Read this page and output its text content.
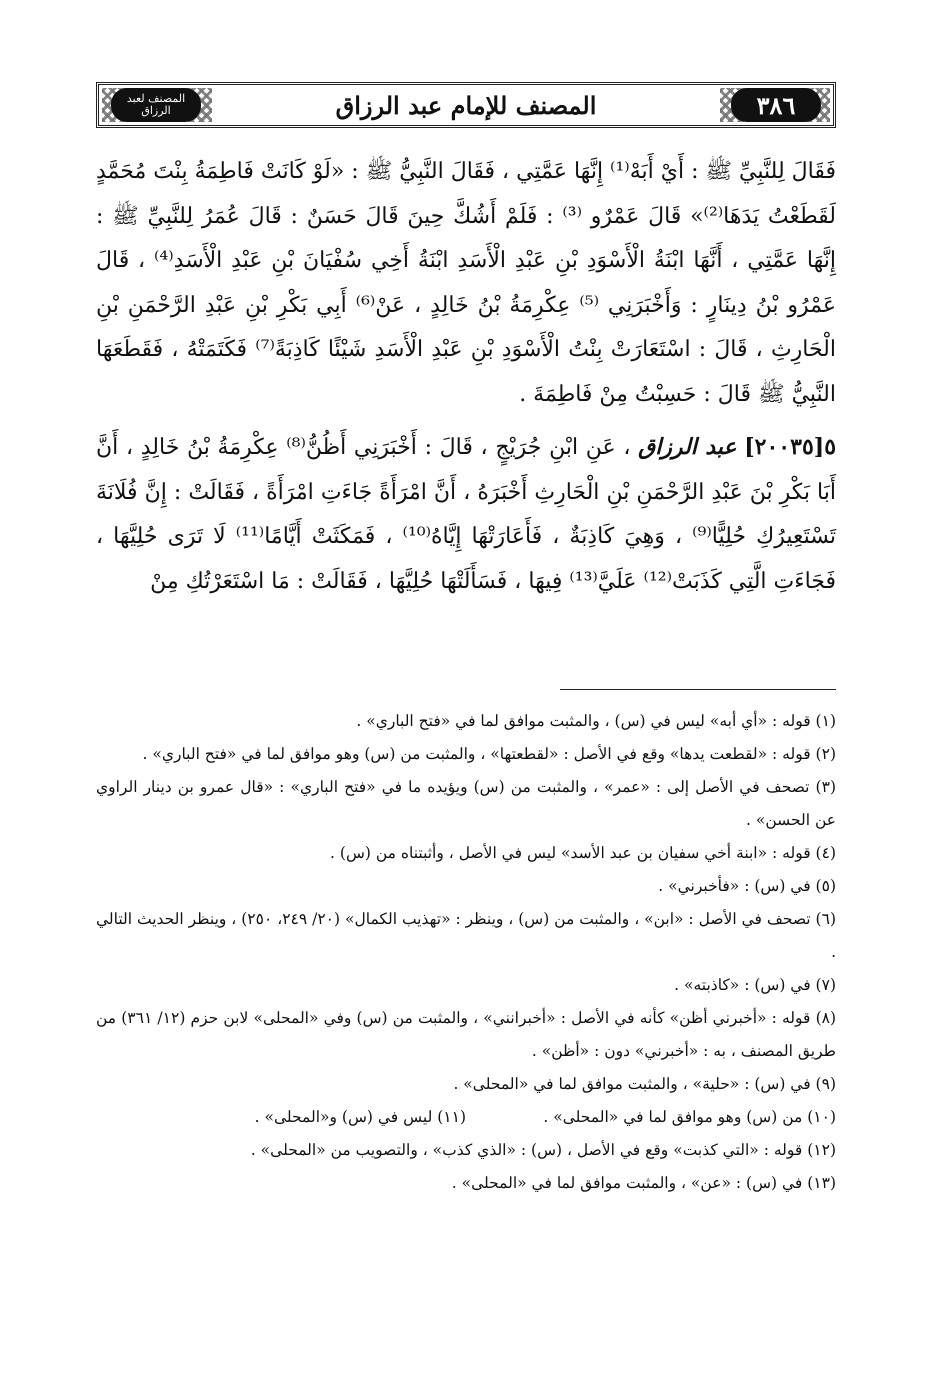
المصنف لعبد الرزاق	المصنف للإمام عبد الرزاق	٣٨٦

فَقَالَ لِلنَّبِيِّ ﷺ : أَيْ أَبَهْ⁽¹⁾ إِنَّهَا عَمَّتِي ، فَقَالَ النَّبِيُّ ﷺ : «لَوْ كَانَتْ فَاطِمَةُ بِنْتَ مُحَمَّدٍ لَقَطَعْتُ يَدَهَا⁽²⁾» قَالَ عَمْرٌو ⁽³⁾ : فَلَمْ أَشُكَّ حِينَ قَالَ حَسَنٌ : قَالَ عُمَرُ لِلنَّبِيِّ ﷺ : إِنَّهَا عَمَّتِي ، أَنَّهَا ابْنَةُ الْأَسْوَدِ بْنِ عَبْدِ الْأَسَدِ ابْنَةُ أَخِي سُفْيَانَ بْنِ عَبْدِ الْأَسَدِ⁽⁴⁾ ، قَالَ عَمْرُو بْنُ دِينَارٍ : وَأَخْبَرَنِي ⁽⁵⁾ عِكْرِمَةُ بْنُ خَالِدٍ ، عَنْ⁽⁶⁾ أَبِي بَكْرِ بْنِ عَبْدِ الرَّحْمَنِ بْنِ الْحَارِثِ ، قَالَ : اسْتَعَارَتْ بِنْتُ الْأَسْوَدِ بْنِ عَبْدِ الْأَسَدِ شَيْئًا كَاذِبَةً⁽⁷⁾ فَكَتَمَتْهُ ، فَقَطَعَهَا النَّبِيُّ ﷺ قَالَ : حَسِبْتُ مِنْ فَاطِمَةَ .

٥[٢٠٠٣٥] عبد الرزاق ، عَنِ ابْنِ جُرَيْجٍ ، قَالَ : أَخْبَرَنِي أَظُنُّ⁽⁸⁾ عِكْرِمَةُ بْنُ خَالِدٍ ، أَنَّ أَبَا بَكْرِ بْنَ عَبْدِ الرَّحْمَنِ بْنِ الْحَارِثِ أَخْبَرَهُ ، أَنَّ امْرَأَةً جَاءَتِ امْرَأَةً ، فَقَالَتْ : إِنَّ فُلَانَةَ تَسْتَعِيرُكِ حُلِيًّا⁽⁹⁾ ، وَهِيَ كَاذِبَةٌ ، فَأَعَارَتْهَا إِيَّاهُ⁽¹⁰⁾ ، فَمَكَثَتْ أَيَّامًا⁽¹¹⁾ لَا تَرَى حُلِيَّهَا ، فَجَاءَتِ الَّتِي كَذَبَتْ⁽¹²⁾ عَلَيَّ⁽¹³⁾ فِيهَا ، فَسَأَلَتْهَا حُلِيَّهَا ، فَقَالَتْ : مَا اسْتَعَرْتُكِ مِنْ

(١) قوله : «أي أبه» ليس في (س) ، والمثبت موافق لما في «فتح الباري» .

(٢) قوله : «لقطعت يدها» وقع في الأصل : «لقطعتها» ، والمثبت من (س) وهو موافق لما في «فتح الباري» .

(٣) تصحف في الأصل إلى : «عمر» ، والمثبت من (س) ويؤيده ما في «فتح الباري» : «قال عمرو بن دينار الراوي عن الحسن» .

(٤) قوله : «ابنة أخي سفيان بن عبد الأسد» ليس في الأصل ، وأثبتناه من (س) .

(٥) في (س) : «فأخبرني» .

(٦) تصحف في الأصل : «ابن» ، والمثبت من (س) ، وينظر : «تهذيب الكمال» (٢٠/ ٢٤٩، ٢٥٠) ، وينظر الحديث التالي .

(٧) في (س) : «كاذبته» .

(٨) قوله : «أخبرني أظن» كأنه في الأصل : «أخبرانني» ، والمثبت من (س) وفي «المحلى» لابن حزم (١٢/ ٣٦١) من طريق المصنف ، به : «أخبرني» دون : «أظن» .

(٩) في (س) : «حلية» ، والمثبت موافق لما في «المحلى» .

(١٠) من (س) وهو موافق لما في «المحلى» .

(١١) ليس في (س) و«المحلى» .

(١٢) قوله : «التي كذبت» وقع في الأصل ، (س) : «الذي كذب» ، والتصويب من «المحلى» .

(١٣) في (س) : «عن» ، والمثبت موافق لما في «المحلى» .
